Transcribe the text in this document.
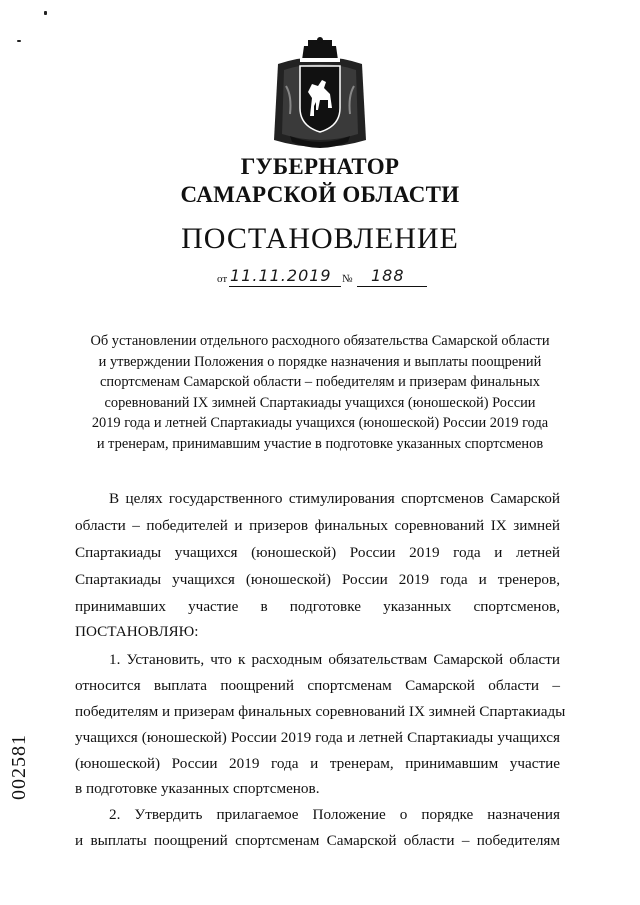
ГУБЕРНАТОР
САМАРСКОЙ ОБЛАСТИ
ПОСТАНОВЛЕНИЕ
от 11.11.2019 № 188
Об установлении отдельного расходного обязательства Самарской области
и утверждении Положения о порядке назначения и выплаты поощрений
спортсменам Самарской области – победителям и призерам финальных
соревнований IX зимней Спартакиады учащихся (юношеской) России
2019 года и летней Спартакиады учащихся (юношеской) России 2019 года
и тренерам, принимавшим участие в подготовке указанных спортсменов
В целях государственного стимулирования спортсменов Самарской
области – победителей и призеров финальных соревнований IX зимней
Спартакиады учащихся (юношеской) России 2019 года и летней
Спартакиады учащихся (юношеской) России 2019 года и тренеров,
принимавших участие в подготовке указанных спортсменов,
ПОСТАНОВЛЯЮ:
1. Установить, что к расходным обязательствам Самарской области
относится выплата поощрений спортсменам Самарской области –
победителям и призерам финальных соревнований IX зимней Спартакиады
учащихся (юношеской) России 2019 года и летней Спартакиады учащихся
(юношеской) России 2019 года и тренерам, принимавшим участие
в подготовке указанных спортсменов.
2. Утвердить прилагаемое Положение о порядке назначения
и выплаты поощрений спортсменам Самарской области – победителям
002581
